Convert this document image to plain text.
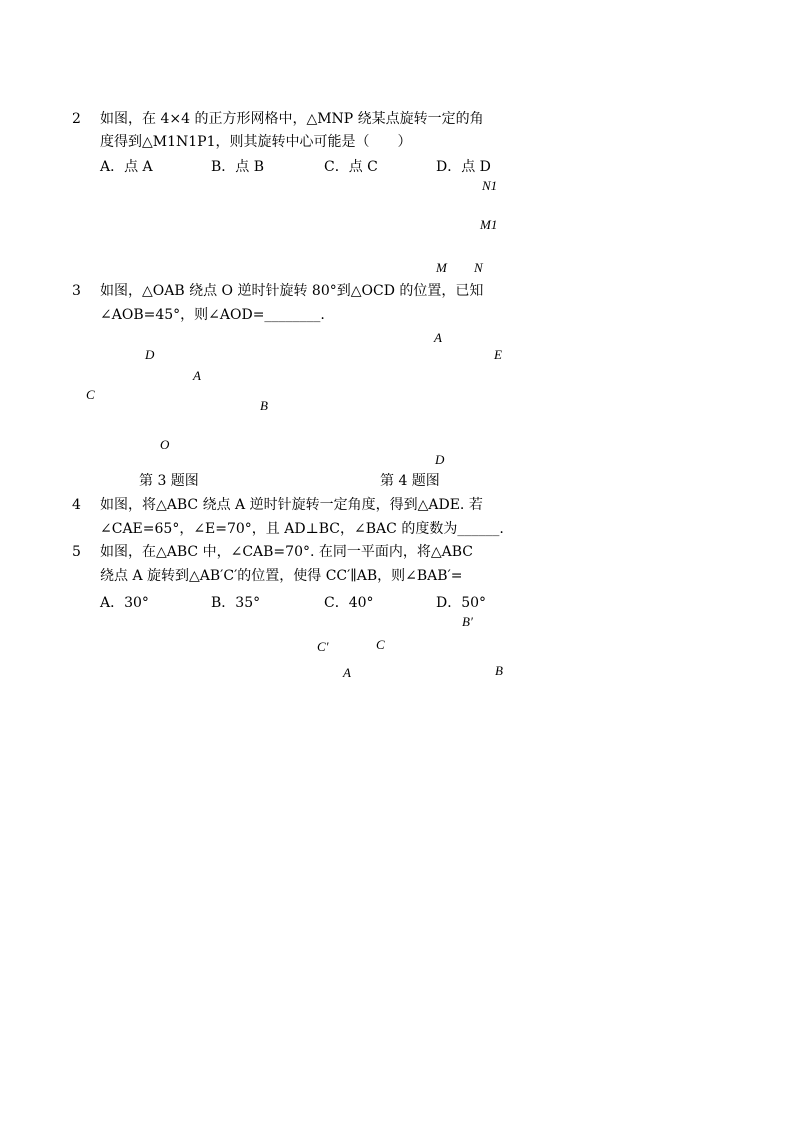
2 如图，在 4×4 的正方形网格中，△MNP 绕某点旋转一定的角
度得到△M1N1P1，则其旋转中心可能是（　　）
A．点 A	B．点 B	C．点 C	D．点 D
N1
M1
M N
3 如图，△OAB 绕点 O 逆时针旋转 80°到△OCD 的位置，已知
∠AOB=45°，则∠AOD=________.
D
A
C
B
O
A
E
D
第 3 题图	第 4 题图
4 如图，将△ABC 绕点 A 逆时针旋转一定角度，得到△ADE. 若
∠CAE=65°，∠E=70°，且 AD⊥BC，∠BAC 的度数为______.
5 如图，在△ABC 中，∠CAB=70°. 在同一平面内，将△ABC
绕点 A 旋转到△AB′C′的位置，使得 CC′∥AB，则∠BAB′=
A．30°	B．35°	C．40°	D．50°
B′
C′	C
A	B
